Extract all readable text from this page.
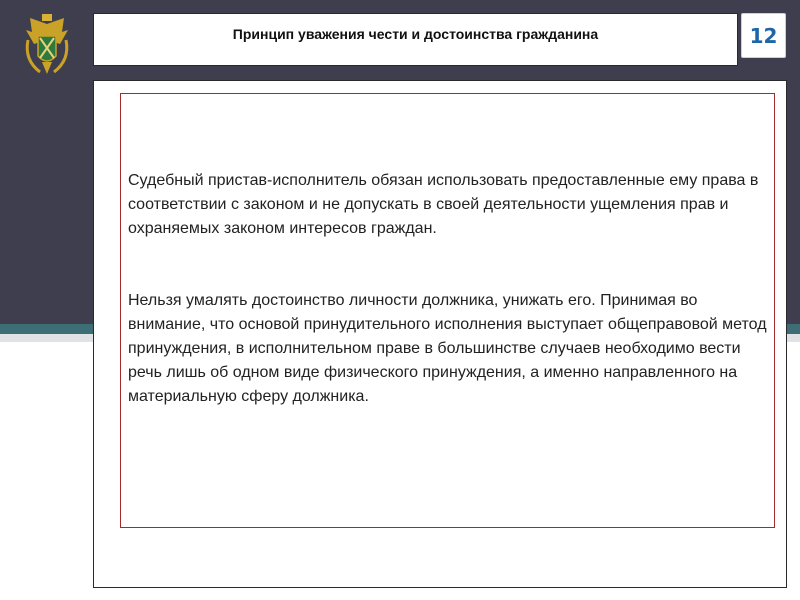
Принцип уважения чести и достоинства гражданина	12
Судебный пристав-исполнитель обязан использовать предоставленные ему права в соответствии с законом и не допускать в своей деятельности ущемления прав и охраняемых законом интересов граждан.
Нельзя умалять достоинство личности должника, унижать его. Принимая во внимание, что основой принудительного исполнения выступает общеправовой метод принуждения, в исполнительном праве в большинстве случаев необходимо вести речь лишь об одном виде физического принуждения, а именно направленного на материальную сферу должника.
